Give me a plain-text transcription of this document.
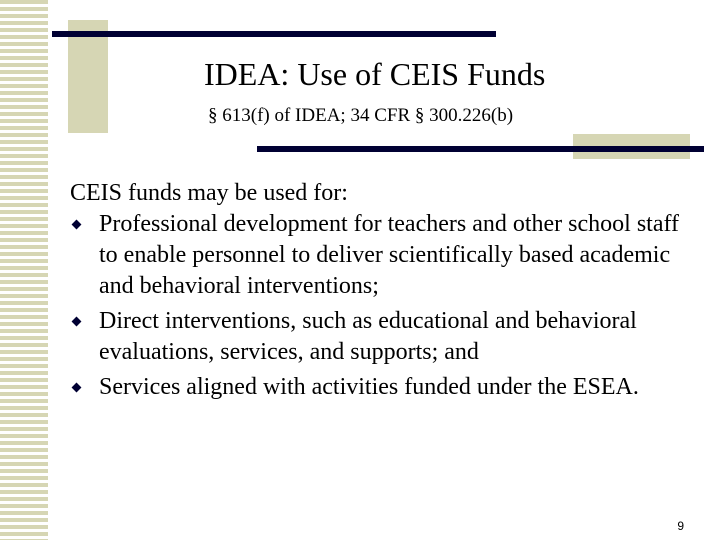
IDEA: Use of CEIS Funds
§ 613(f) of IDEA; 34 CFR § 300.226(b)

CEIS funds may be used for:

Professional development for teachers and other school staff to enable personnel to deliver scientifically based academic and behavioral interventions;
Direct interventions, such as educational and behavioral evaluations, services, and supports; and
Services aligned with activities funded under the ESEA.
9
